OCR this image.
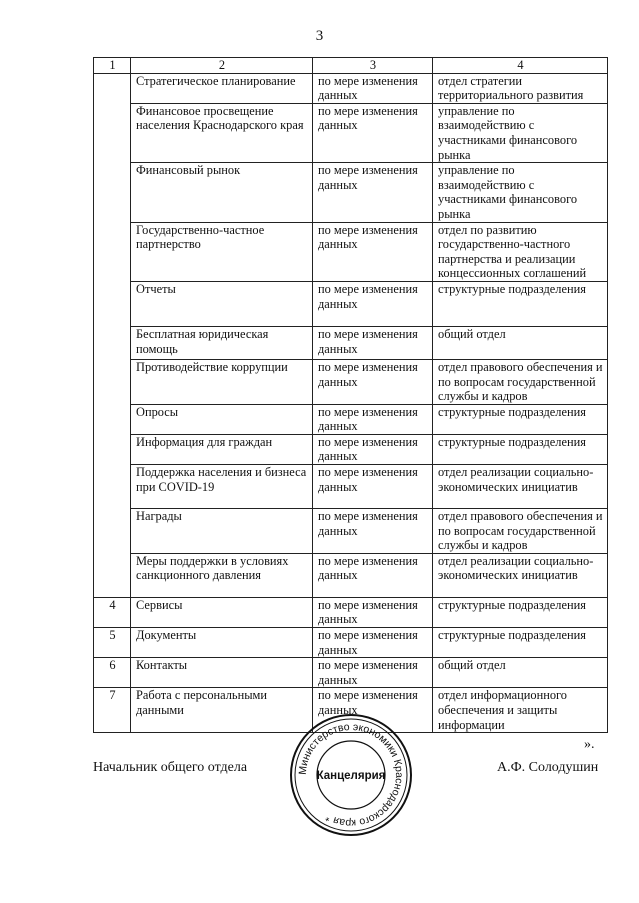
3
1	2	3	4
	Стратегическое планирование	по мере изменения данных	отдел стратегии территориального развития
	Финансовое просвещение населения Краснодарского края	по мере изменения данных	управление по взаимодействию с участниками финансового рынка
	Финансовый рынок	по мере изменения данных	управление по взаимодействию с участниками финансового рынка
	Государственно-частное партнерство	по мере изменения данных	отдел по развитию государственно-частного партнерства и реализации концессионных соглашений
	Отчеты	по мере изменения данных	структурные подразделения
	Бесплатная юридическая помощь	по мере изменения данных	общий отдел
	Противодействие коррупции	по мере изменения данных	отдел правового обеспечения и по вопросам государственной службы и кадров
	Опросы	по мере изменения данных	структурные подразделения
	Информация для граждан	по мере изменения данных	структурные подразделения
	Поддержка населения и бизнеса при COVID-19	по мере изменения данных	отдел реализации социально-экономических инициатив
	Награды	по мере изменения данных	отдел правового обеспечения и по вопросам государственной службы и кадров
	Меры поддержки в условиях санкционного давления	по мере изменения данных	отдел реализации социально-экономических инициатив
4	Сервисы	по мере изменения данных	структурные подразделения
5	Документы	по мере изменения данных	структурные подразделения
6	Контакты	по мере изменения данных	общий отдел
7	Работа с персональными данными	по мере изменения данных	отдел информационного обеспечения и защиты информации
».
Начальник общего отдела	А.Ф. Солодушин
Министерство экономики Краснодарского края *
Канцелярия
